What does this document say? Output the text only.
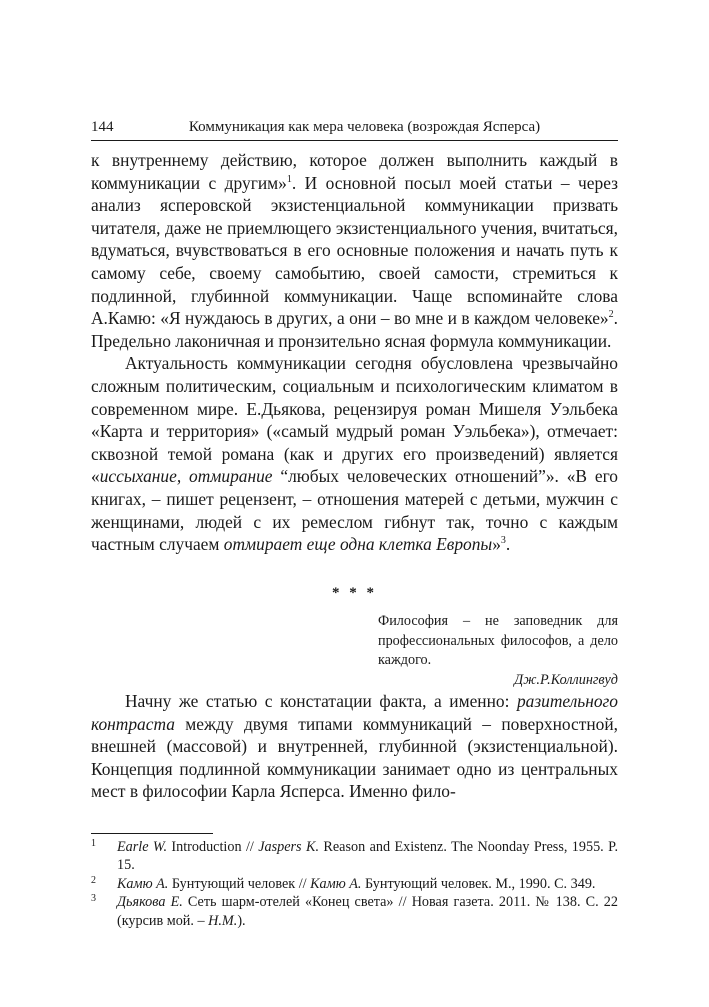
144	Коммуникация как мера человека (возрождая Ясперса)

к внутреннему действию, которое должен выполнить каждый в коммуникации с другим»$^1$. И основной посыл моей статьи – через анализ ясперовской экзистенциальной коммуникации призвать читателя, даже не приемлющего экзистенциального учения, вчитаться, вдуматься, вчувствоваться в его основные положения и начать путь к самому себе, своему самобытию, своей самости, стремиться к подлинной, глубинной коммуникации. Чаще вспоминайте слова А.Камю: «Я нуждаюсь в других, а они – во мне и в каждом человеке»$^2$. Предельно лаконичная и пронзительно ясная формула коммуникации.

Актуальность коммуникации сегодня обусловлена чрезвычайно сложным политическим, социальным и психологическим климатом в современном мире. Е.Дьякова, рецензируя роман Мишеля Уэльбека «Карта и территория» («самый мудрый роман Уэльбека»), отмечает: сквозной темой романа (как и других его произведений) является «иссыхание, отмирание “любых человеческих отношений”». «В его книгах, – пишет рецензент, – отношения матерей с детьми, мужчин с женщинами, людей с их ремеслом гибнут так, точно с каждым частным случаем отмирает еще одна клетка Европы»$^3$.

* * *
Философия – не заповедник для профессиональных философов, а дело каждого.
Дж.Р.Коллингвуд

Начну же статью с констатации факта, а именно: разительного контраста между двумя типами коммуникаций – поверхностной, внешней (массовой) и внутренней, глубинной (экзистенциальной). Концепция подлинной коммуникации занимает одно из центральных мест в философии Карла Ясперса. Именно фило-

1 Earle W. Introduction // Jaspers K. Reason and Existenz. The Noonday Press, 1955. P. 15.
2 Камю А. Бунтующий человек // Камю А. Бунтующий человек. М., 1990. С. 349.
3 Дьякова Е. Сеть шарм-отелей «Конец света» // Новая газета. 2011. № 138. С. 22 (курсив мой. – Н.М.).
